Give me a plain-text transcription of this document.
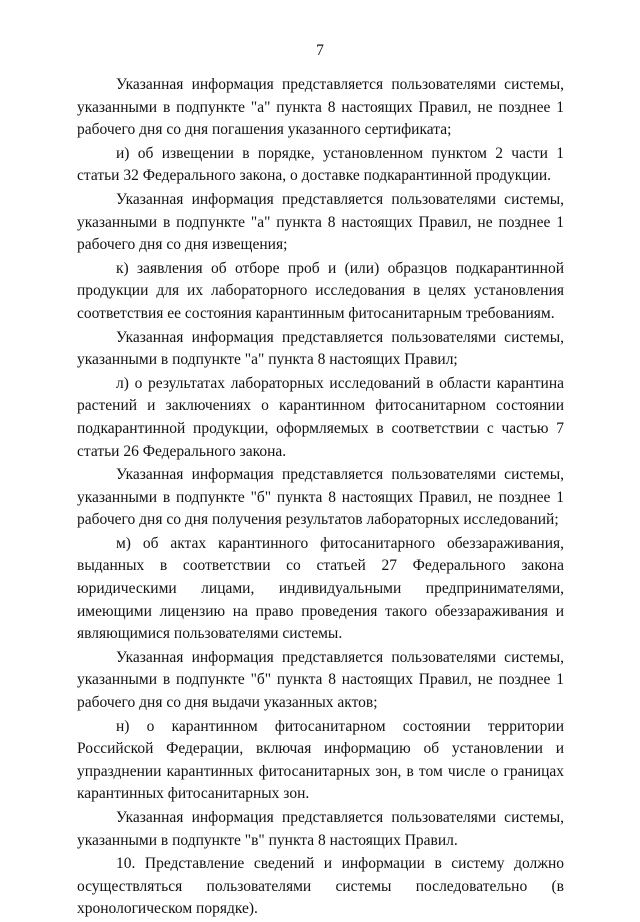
7

Указанная информация представляется пользователями системы, указанными в подпункте "а" пункта 8 настоящих Правил, не позднее 1 рабочего дня со дня погашения указанного сертификата;

и) об извещении в порядке, установленном пунктом 2 части 1 статьи 32 Федерального закона, о доставке подкарантинной продукции.

Указанная информация представляется пользователями системы, указанными в подпункте "а" пункта 8 настоящих Правил, не позднее 1 рабочего дня со дня извещения;

к) заявления об отборе проб и (или) образцов подкарантинной продукции для их лабораторного исследования в целях установления соответствия ее состояния карантинным фитосанитарным требованиям.

Указанная информация представляется пользователями системы, указанными в подпункте "а" пункта 8 настоящих Правил;

л) о результатах лабораторных исследований в области карантина растений и заключениях о карантинном фитосанитарном состоянии подкарантинной продукции, оформляемых в соответствии с частью 7 статьи 26 Федерального закона.

Указанная информация представляется пользователями системы, указанными в подпункте "б" пункта 8 настоящих Правил, не позднее 1 рабочего дня со дня получения результатов лабораторных исследований;

м) об актах карантинного фитосанитарного обеззараживания, выданных в соответствии со статьей 27 Федерального закона юридическими лицами, индивидуальными предпринимателями, имеющими лицензию на право проведения такого обеззараживания и являющимися пользователями системы.

Указанная информация представляется пользователями системы, указанными в подпункте "б" пункта 8 настоящих Правил, не позднее 1 рабочего дня со дня выдачи указанных актов;

н) о карантинном фитосанитарном состоянии территории Российской Федерации, включая информацию об установлении и упразднении карантинных фитосанитарных зон, в том числе о границах карантинных фитосанитарных зон.

Указанная информация представляется пользователями системы, указанными в подпункте "в" пункта 8 настоящих Правил.

10. Представление сведений и информации в систему должно осуществляться пользователями системы последовательно (в хронологическом порядке).
